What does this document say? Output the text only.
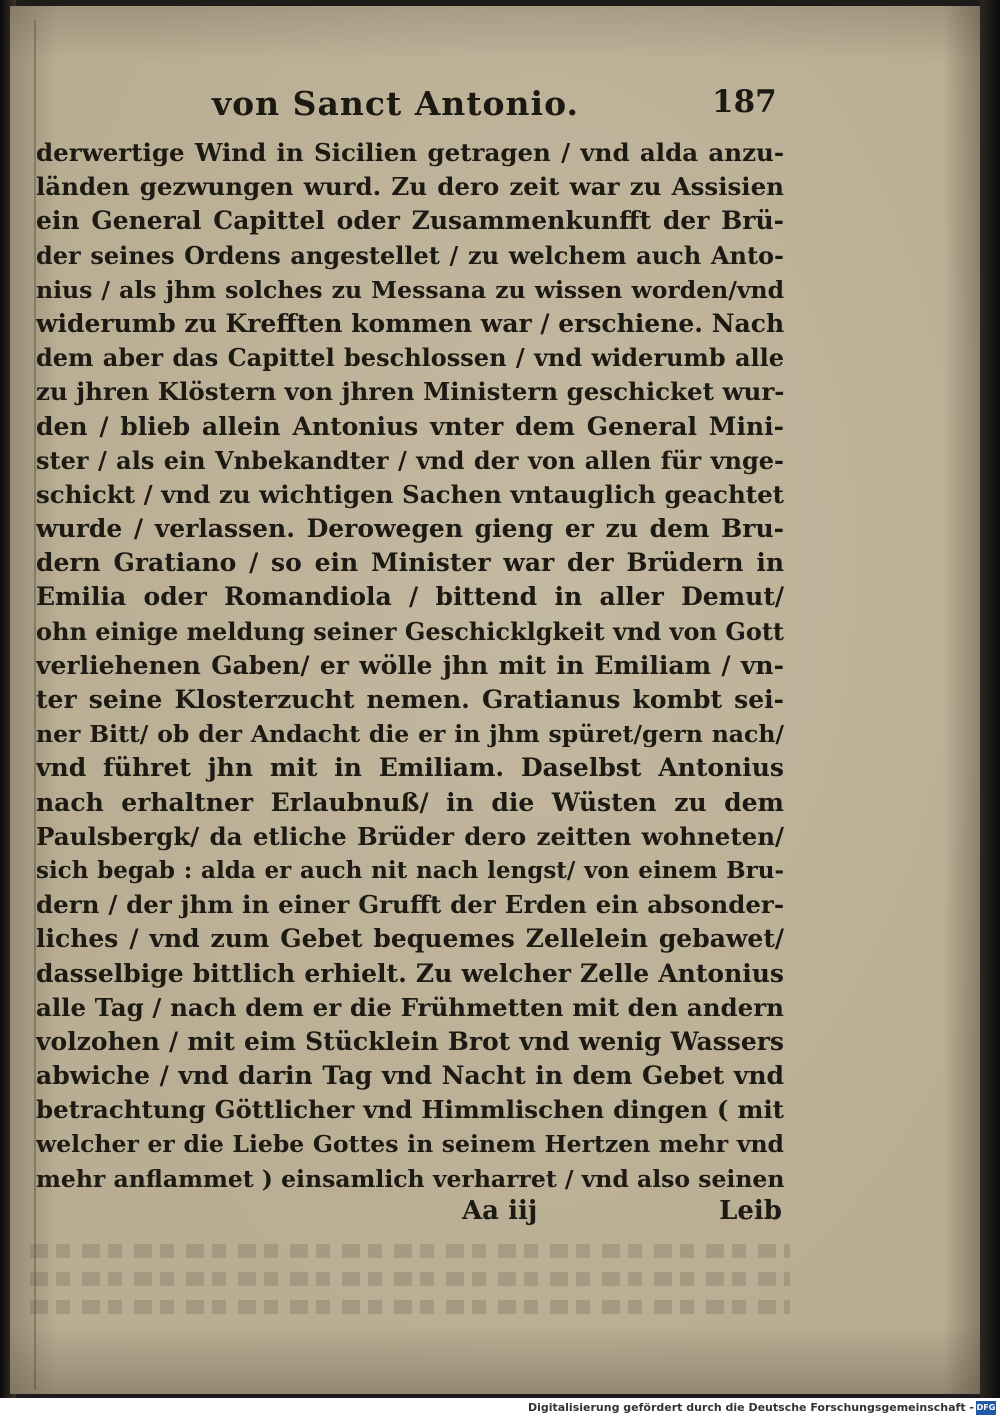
von Sanct Antonio.	187
derwertige Wind in Sicilien getragen / vnd alda anzu-
länden gezwungen wurd. Zu dero zeit war zu Assisien
ein General Capittel oder Zusammenkunfft der Brü-
der seines Ordens angestellet / zu welchem auch Anto-
nius / als jhm solches zu Messana zu wissen worden/vnd
widerumb zu Krefften kommen war / erschiene. Nach
dem aber das Capittel beschlossen / vnd widerumb alle
zu jhren Klöstern von jhren Ministern geschicket wur-
den / blieb allein Antonius vnter dem General Mini-
ster / als ein Vnbekandter / vnd der von allen für vnge-
schickt / vnd zu wichtigen Sachen vntauglich geachtet
wurde / verlassen. Derowegen gieng er zu dem Bru-
dern Gratiano / so ein Minister war der Brüdern in
Emilia oder Romandiola / bittend in aller Demut/
ohn einige meldung seiner Geschicklgkeit vnd von Gott
verliehenen Gaben/ er wölle jhn mit in Emiliam / vn-
ter seine Klosterzucht nemen. Gratianus kombt sei-
ner Bitt/ ob der Andacht die er in jhm spüret/gern nach/
vnd führet jhn mit in Emiliam. Daselbst Antonius
nach erhaltner Erlaubnuß/ in die Wüsten zu dem
Paulsbergk/ da etliche Brüder dero zeitten wohneten/
sich begab : alda er auch nit nach lengst/ von einem Bru-
dern / der jhm in einer Grufft der Erden ein absonder-
liches / vnd zum Gebet bequemes Zellelein gebawet/
dasselbige bittlich erhielt. Zu welcher Zelle Antonius
alle Tag / nach dem er die Frühmetten mit den andern
volzohen / mit eim Stücklein Brot vnd wenig Wassers
abwiche / vnd darin Tag vnd Nacht in dem Gebet vnd
betrachtung Göttlicher vnd Himmlischen dingen ( mit
welcher er die Liebe Gottes in seinem Hertzen mehr vnd
mehr anflammet ) einsamlich verharret / vnd also seinen
Aa iij	Leib
Digitalisierung gefördert durch die Deutsche Forschungsgemeinschaft - DFG
